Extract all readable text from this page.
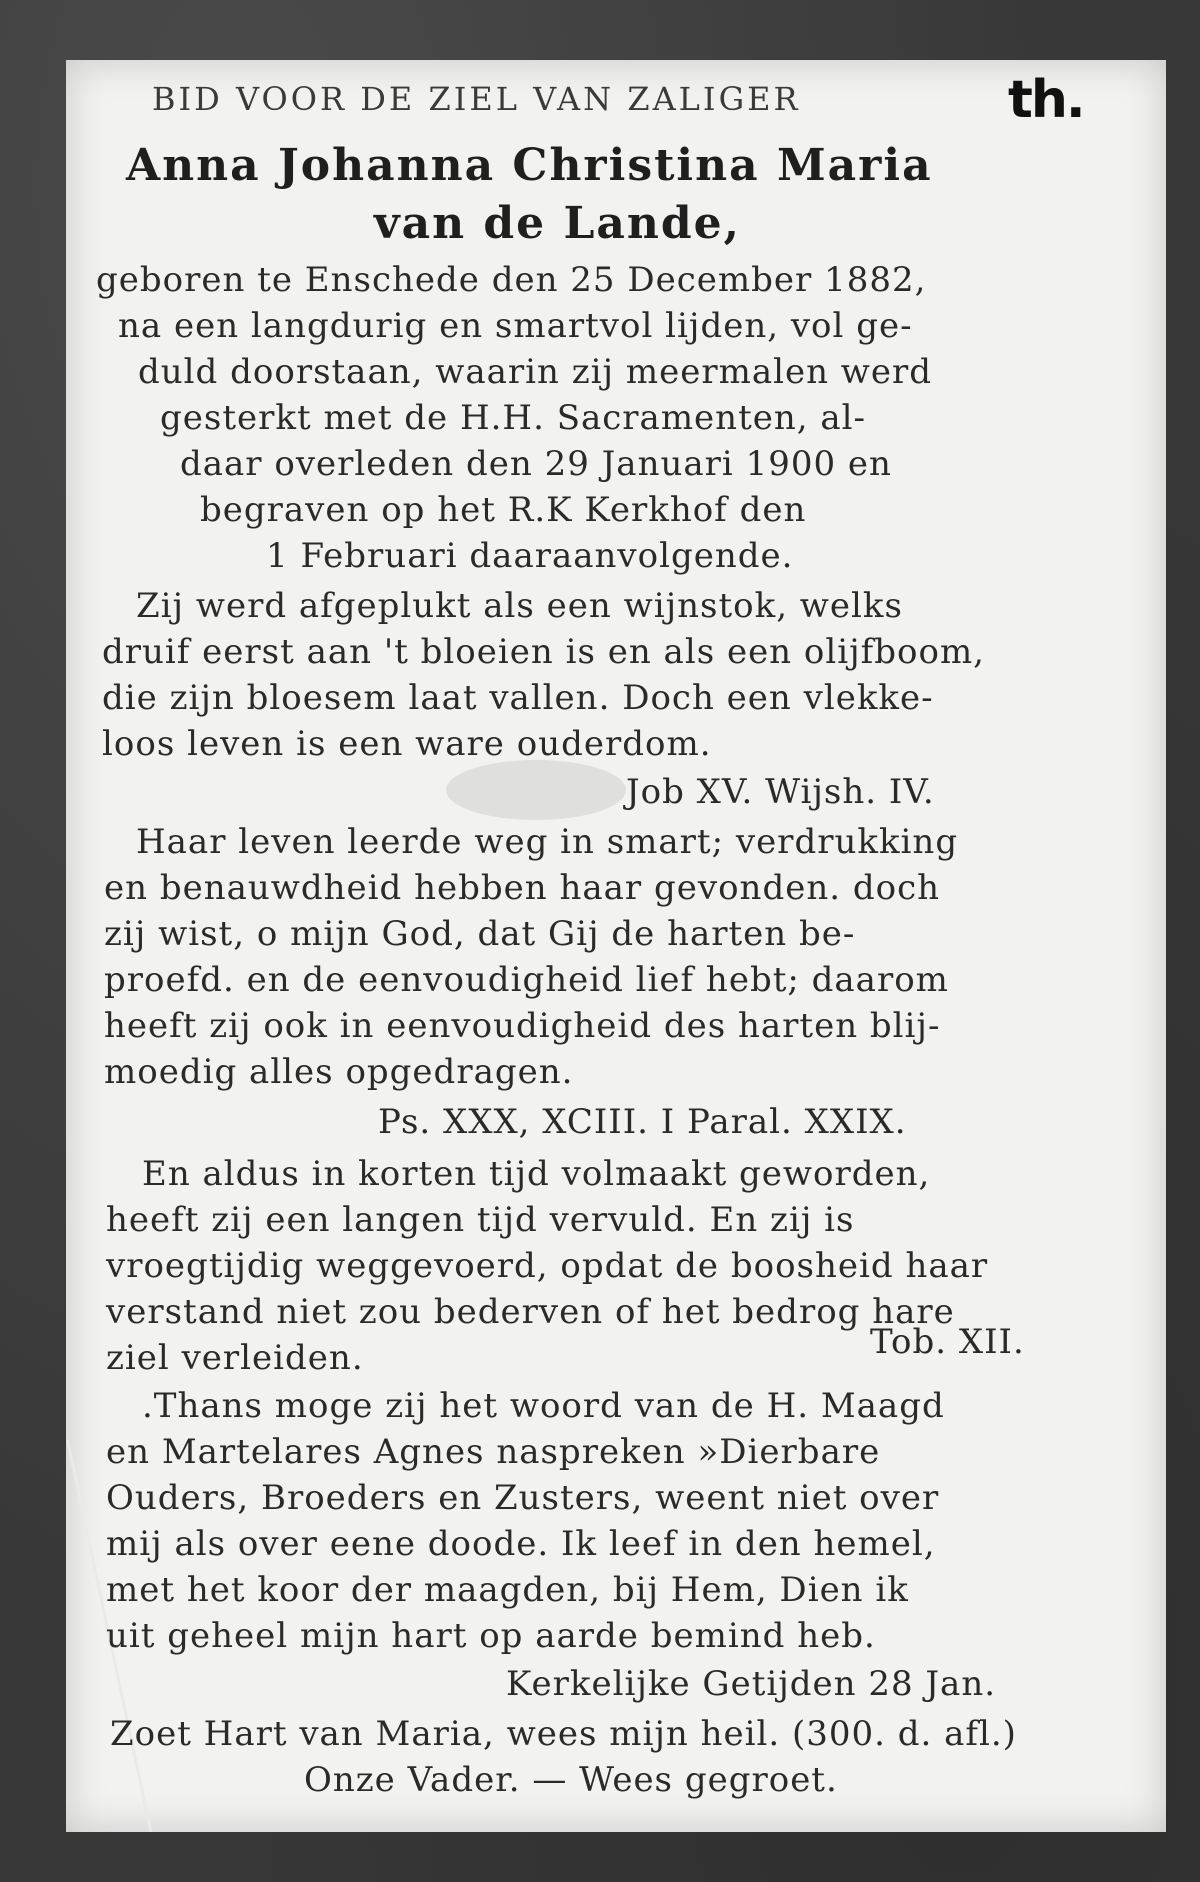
BID VOOR DE ZIEL VAN ZALIGER	th.
Anna Johanna Christina Maria
van de Lande,
geboren te Enschede den 25 December 1882,
na een langdurig en smartvol lijden, vol ge-
duld doorstaan, waarin zij meermalen werd
gesterkt met de H.H. Sacramenten, al-
daar overleden den 29 Januari 1900 en
begraven op het R.K Kerkhof den
1 Februari daaraanvolgende.
Zij werd afgeplukt als een wijnstok, welks
druif eerst aan 't bloeien is en als een olijfboom,
die zijn bloesem laat vallen. Doch een vlekke-
loos leven is een ware ouderdom.
Job XV. Wijsh. IV.
Haar leven leerde weg in smart; verdrukking
en benauwdheid hebben haar gevonden. doch
zij wist, o mijn God, dat Gij de harten be-
proefd. en de eenvoudigheid lief hebt; daarom
heeft zij ook in eenvoudigheid des harten blij-
moedig alles opgedragen.
Ps. XXX, XCIII. I Paral. XXIX.
En aldus in korten tijd volmaakt geworden,
heeft zij een langen tijd vervuld. En zij is
vroegtijdig weggevoerd, opdat de boosheid haar
verstand niet zou bederven of het bedrog hare
ziel verleiden.	Tob. XII.
.Thans moge zij het woord van de H. Maagd
en Martelares Agnes naspreken »Dierbare
Ouders, Broeders en Zusters, weent niet over
mij als over eene doode. Ik leef in den hemel,
met het koor der maagden, bij Hem, Dien ik
uit geheel mijn hart op aarde bemind heb.
Kerkelijke Getijden 28 Jan.
Zoet Hart van Maria, wees mijn heil. (300. d. afl.)
Onze Vader. — Wees gegroet.
